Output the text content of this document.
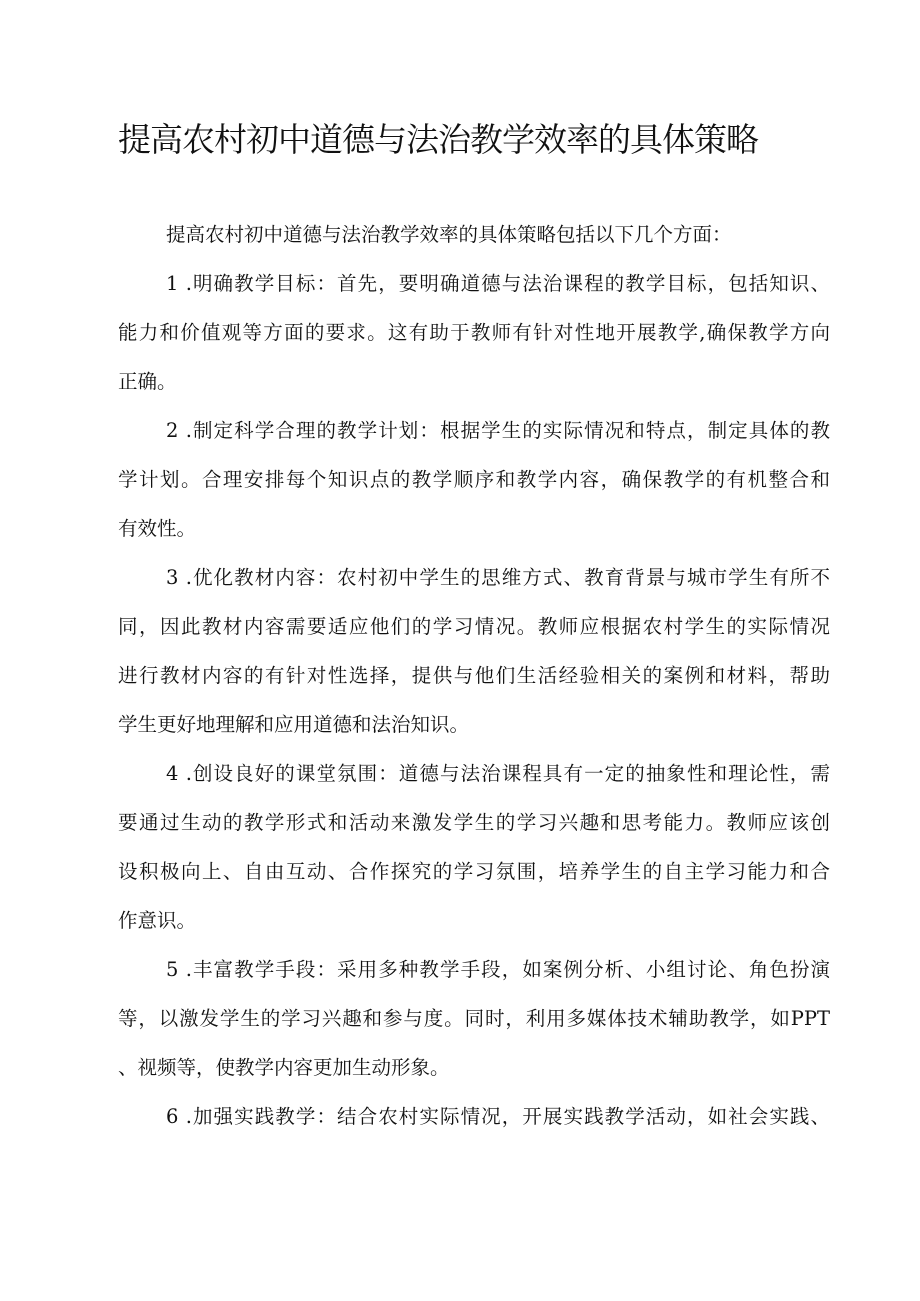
提高农村初中道德与法治教学效率的具体策略
提高农村初中道德与法治教学效率的具体策略包括以下几个方面：
1 .明确教学目标：首先，要明确道德与法治课程的教学目标，包括知识、
能力和价值观等方面的要求。这有助于教师有针对性地开展教学,确保教学方向
正确。
2 .制定科学合理的教学计划：根据学生的实际情况和特点，制定具体的教
学计划。合理安排每个知识点的教学顺序和教学内容，确保教学的有机整合和
有效性。
3 .优化教材内容：农村初中学生的思维方式、教育背景与城市学生有所不
同，因此教材内容需要适应他们的学习情况。教师应根据农村学生的实际情况
进行教材内容的有针对性选择，提供与他们生活经验相关的案例和材料，帮助
学生更好地理解和应用道德和法治知识。
4 .创设良好的课堂氛围：道德与法治课程具有一定的抽象性和理论性，需
要通过生动的教学形式和活动来激发学生的学习兴趣和思考能力。教师应该创
设积极向上、自由互动、合作探究的学习氛围，培养学生的自主学习能力和合
作意识。
5 .丰富教学手段：采用多种教学手段，如案例分析、小组讨论、角色扮演
等，以激发学生的学习兴趣和参与度。同时，利用多媒体技术辅助教学，如PPT
、视频等，使教学内容更加生动形象。
6 .加强实践教学：结合农村实际情况，开展实践教学活动，如社会实践、
